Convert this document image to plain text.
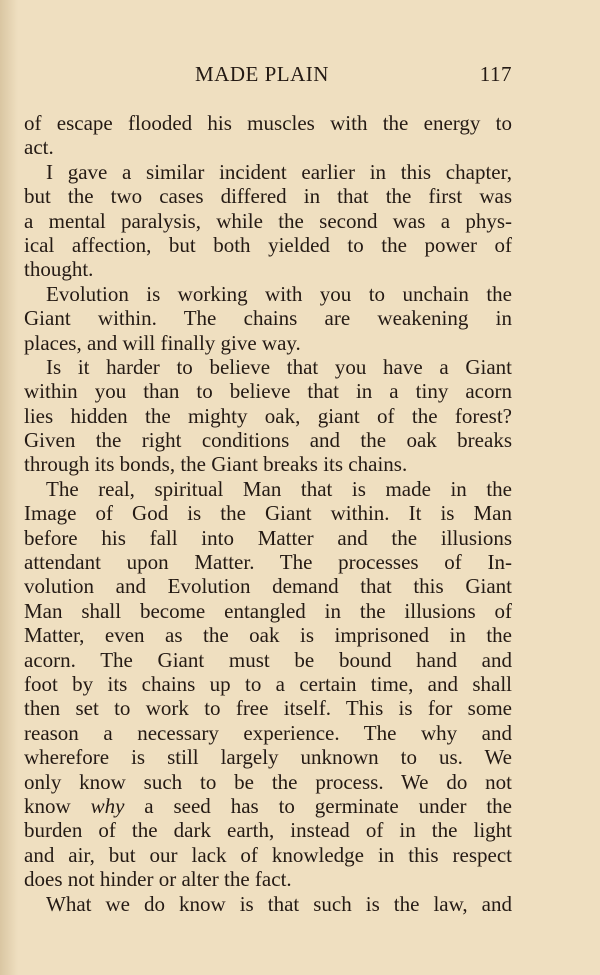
MADE PLAIN	117
of escape flooded his muscles with the energy to
act.
I gave a similar incident earlier in this chapter,
but the two cases differed in that the first was
a mental paralysis, while the second was a phys-
ical affection, but both yielded to the power of
thought.
Evolution is working with you to unchain the
Giant within. The chains are weakening in
places, and will finally give way.
Is it harder to believe that you have a Giant
within you than to believe that in a tiny acorn
lies hidden the mighty oak, giant of the forest?
Given the right conditions and the oak breaks
through its bonds, the Giant breaks its chains.
The real, spiritual Man that is made in the
Image of God is the Giant within. It is Man
before his fall into Matter and the illusions
attendant upon Matter. The processes of In-
volution and Evolution demand that this Giant
Man shall become entangled in the illusions of
Matter, even as the oak is imprisoned in the
acorn. The Giant must be bound hand and
foot by its chains up to a certain time, and shall
then set to work to free itself. This is for some
reason a necessary experience. The why and
wherefore is still largely unknown to us. We
only know such to be the process. We do not
know why a seed has to germinate under the
burden of the dark earth, instead of in the light
and air, but our lack of knowledge in this respect
does not hinder or alter the fact.
What we do know is that such is the law, and
